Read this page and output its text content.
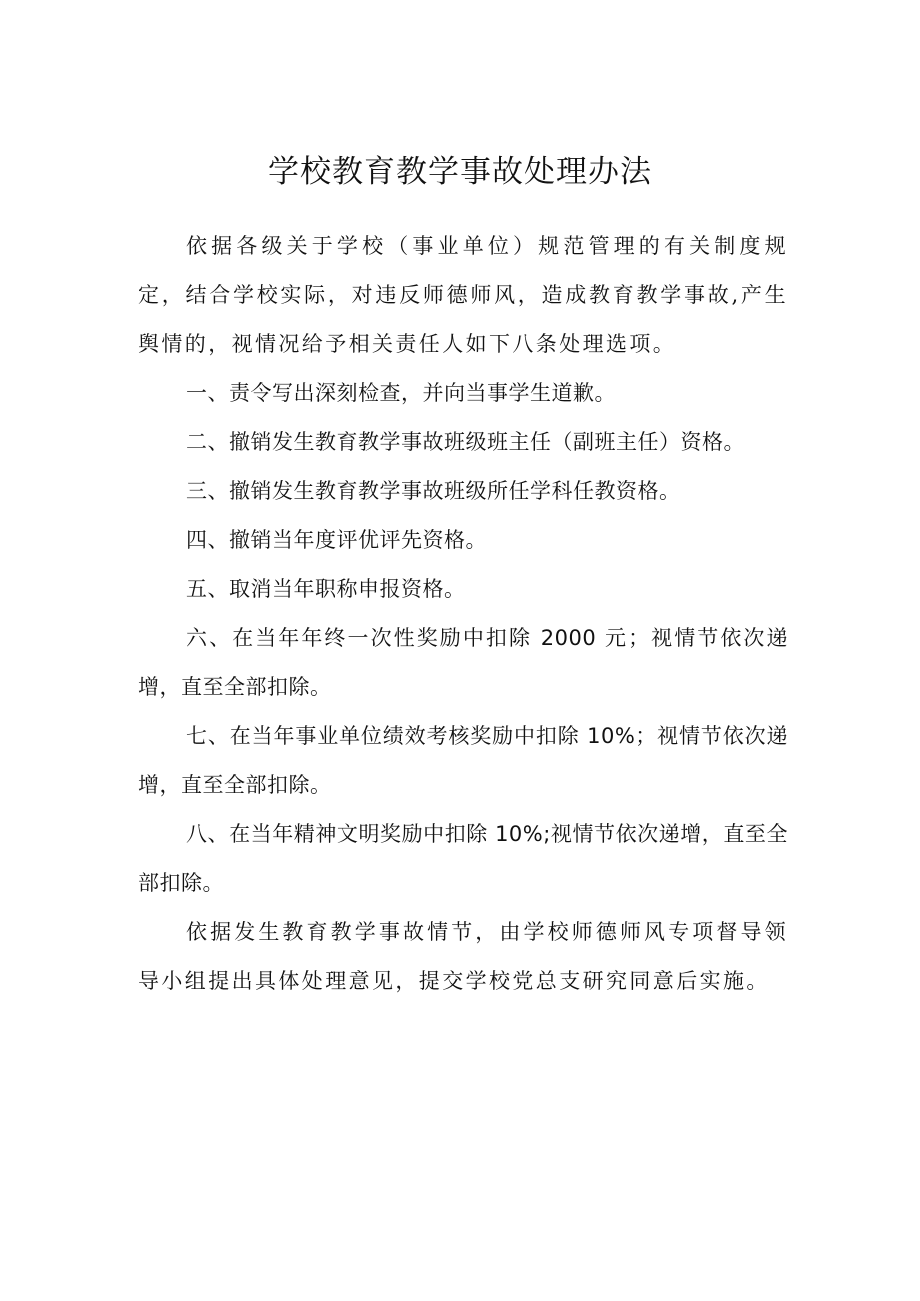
学校教育教学事故处理办法

依据各级关于学校（事业单位）规范管理的有关制度规定，结合学校实际，对违反师德师风，造成教育教学事故,产生舆情的，视情况给予相关责任人如下八条处理选项。

一、责令写出深刻检查，并向当事学生道歉。

二、撤销发生教育教学事故班级班主任（副班主任）资格。

三、撤销发生教育教学事故班级所任学科任教资格。

四、撤销当年度评优评先资格。

五、取消当年职称申报资格。

六、在当年年终一次性奖励中扣除 2000 元；视情节依次递增，直至全部扣除。

七、在当年事业单位绩效考核奖励中扣除 10%；视情节依次递增，直至全部扣除。

八、在当年精神文明奖励中扣除 10%;视情节依次递增，直至全部扣除。

依据发生教育教学事故情节，由学校师德师风专项督导领导小组提出具体处理意见，提交学校党总支研究同意后实施。
